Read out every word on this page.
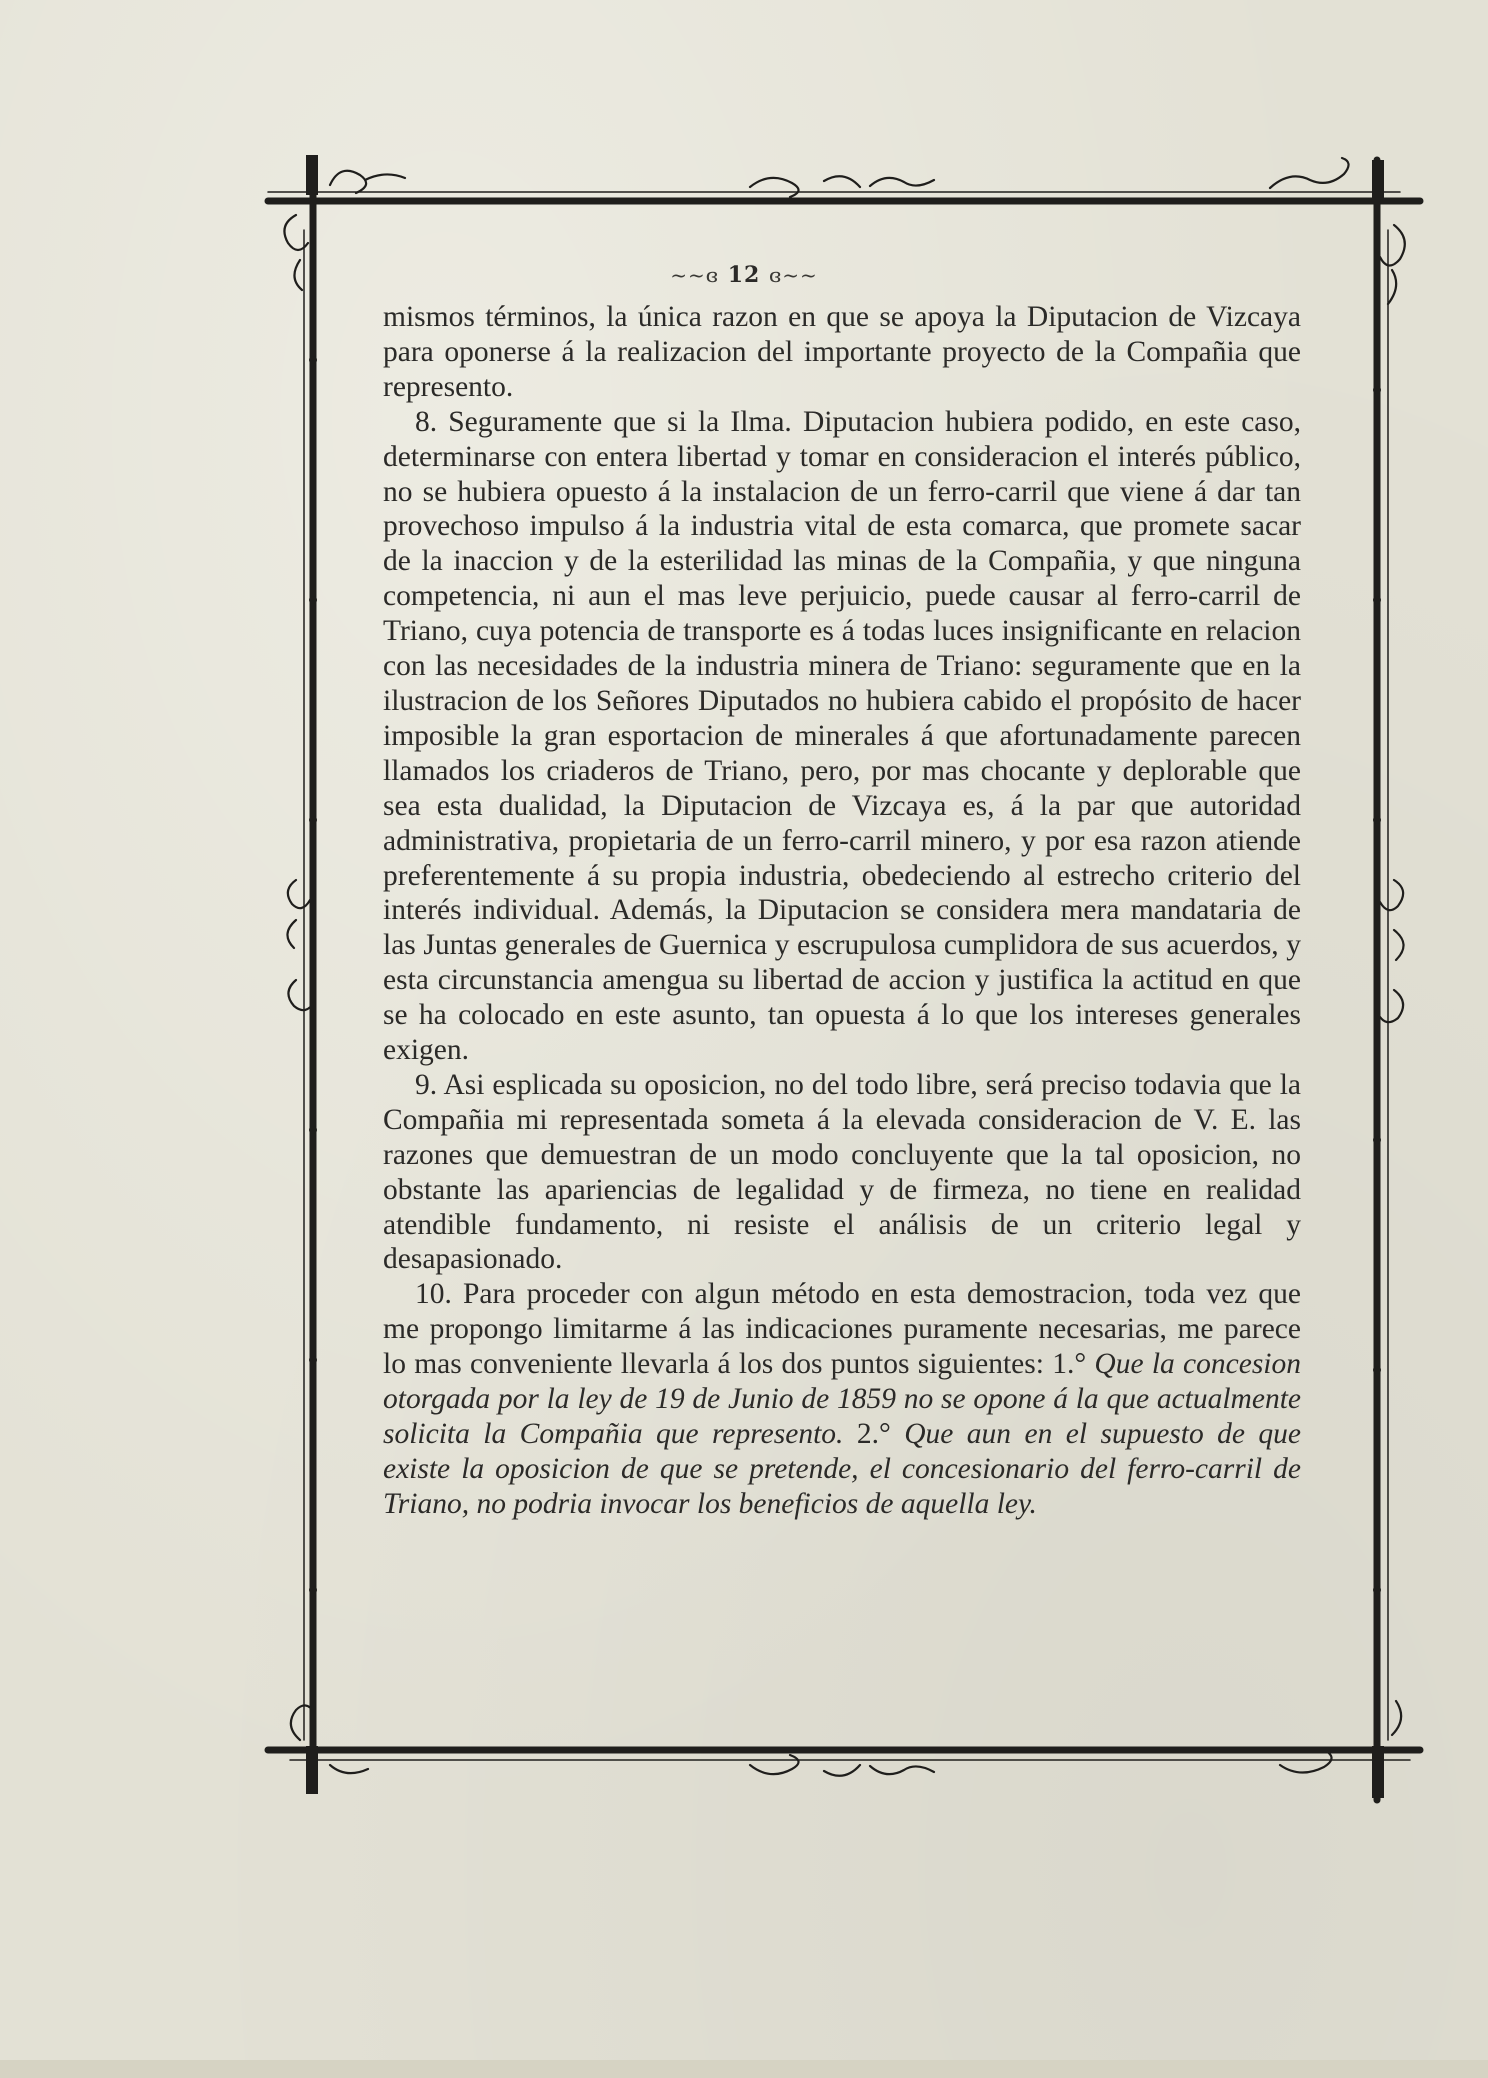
~~ɞ 12 ɞ~~

mismos términos, la única razon en que se apoya la Diputacion de Vizcaya para oponerse á la realizacion del importante proyecto de la Compañia que represento.

8. Seguramente que si la Ilma. Diputacion hubiera podido, en este caso, determinarse con entera libertad y tomar en consideracion el interés público, no se hubiera opuesto á la instalacion de un ferro-carril que viene á dar tan provechoso impulso á la industria vital de esta comarca, que promete sacar de la inaccion y de la esterilidad las minas de la Compañia, y que ninguna competencia, ni aun el mas leve perjuicio, puede causar al ferro-carril de Triano, cuya potencia de transporte es á todas luces insignificante en relacion con las necesidades de la industria minera de Triano: seguramente que en la ilustracion de los Señores Diputados no hubiera cabido el propósito de hacer imposible la gran esportacion de minerales á que afortunadamente parecen llamados los criaderos de Triano, pero, por mas chocante y deplorable que sea esta dualidad, la Diputacion de Vizcaya es, á la par que autoridad administrativa, propietaria de un ferro-carril minero, y por esa razon atiende preferentemente á su propia industria, obedeciendo al estrecho criterio del interés individual. Además, la Diputacion se considera mera mandataria de las Juntas generales de Guernica y escrupulosa cumplidora de sus acuerdos, y esta circunstancia amengua su libertad de accion y justifica la actitud en que se ha colocado en este asunto, tan opuesta á lo que los intereses generales exigen.

9. Asi esplicada su oposicion, no del todo libre, será preciso todavia que la Compañia mi representada someta á la elevada consideracion de V. E. las razones que demuestran de un modo concluyente que la tal oposicion, no obstante las apariencias de legalidad y de firmeza, no tiene en realidad atendible fundamento, ni resiste el análisis de un criterio legal y desapasionado.

10. Para proceder con algun método en esta demostracion, toda vez que me propongo limitarme á las indicaciones puramente necesarias, me parece lo mas conveniente llevarla á los dos puntos siguientes: 1.° Que la concesion otorgada por la ley de 19 de Junio de 1859 no se opone á la que actualmente solicita la Compañia que represento. 2.° Que aun en el supuesto de que existe la oposicion de que se pretende, el concesionario del ferro-carril de Triano, no podria invocar los beneficios de aquella ley.
